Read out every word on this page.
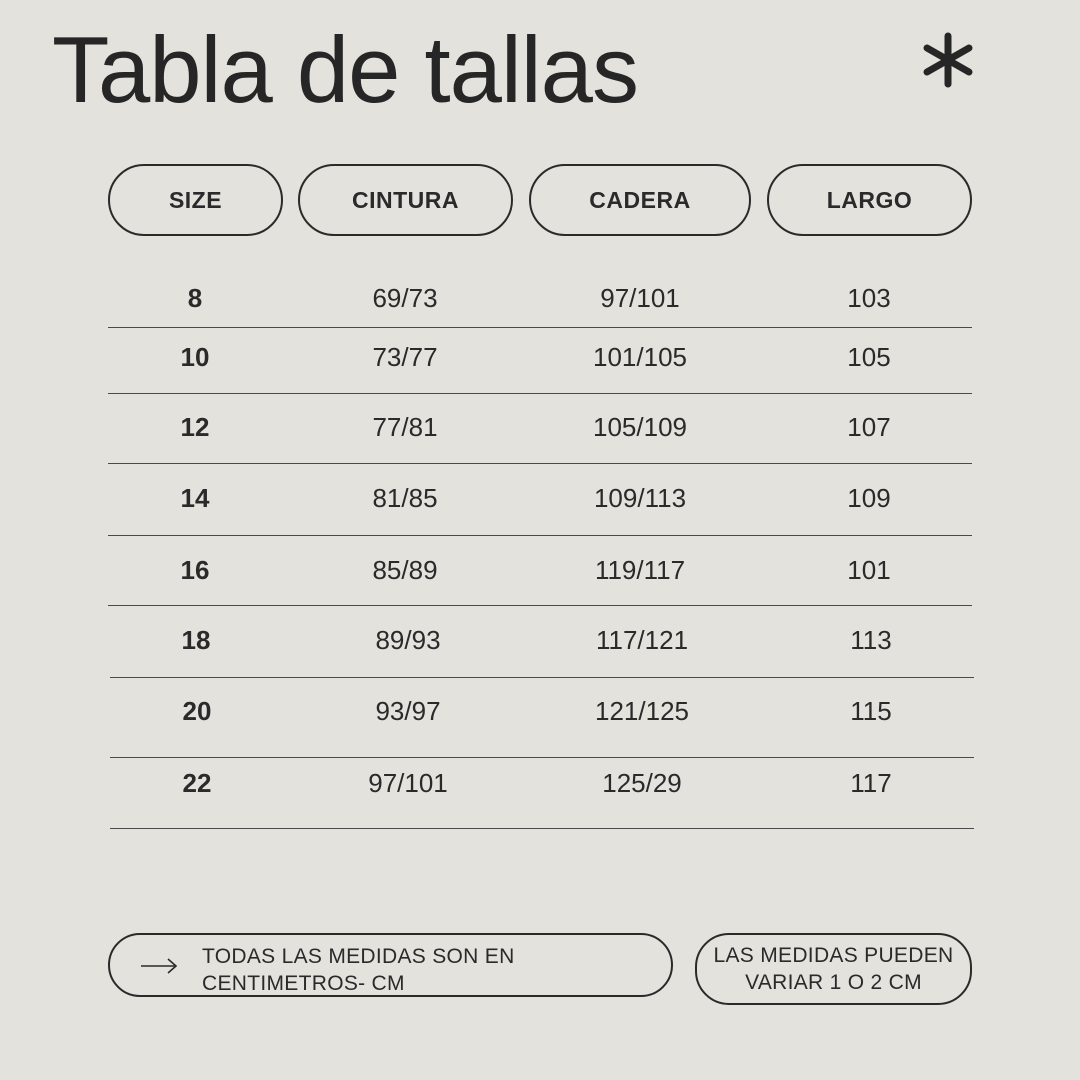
Tabla de tallas
SIZE	CINTURA	CADERA	LARGO
8	69/73	97/101	103
10	73/77	101/105	105
12	77/81	105/109	107
14	81/85	109/113	109
16	85/89	119/117	101
18	89/93	117/121	113
20	93/97	121/125	115
22	97/101	125/29	117
TODAS LAS MEDIDAS SON EN CENTIMETROS- CM
LAS MEDIDAS PUEDEN VARIAR 1 O 2 CM
